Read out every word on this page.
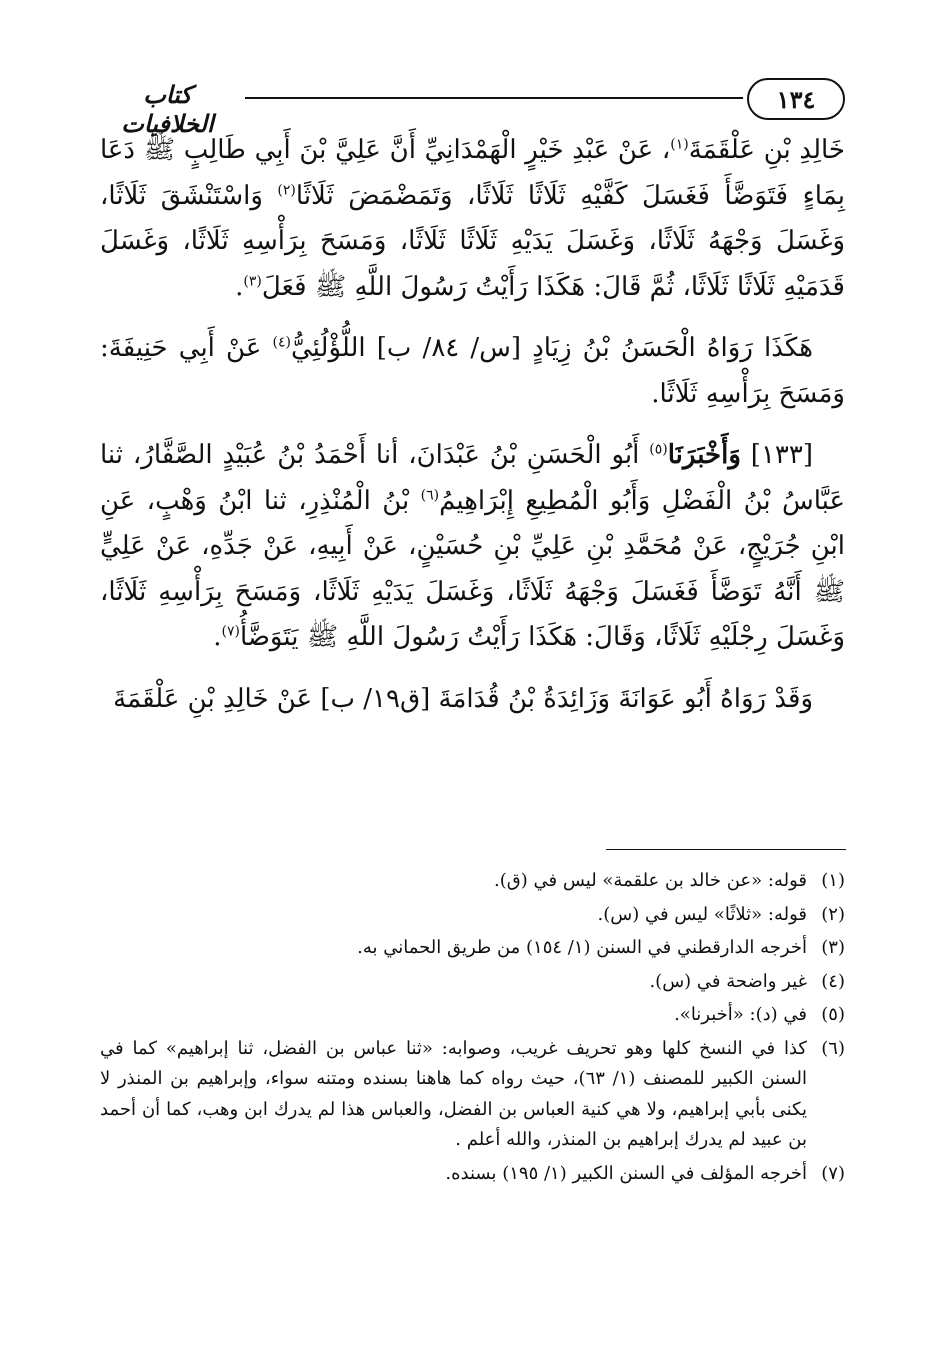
١٣٤
كتاب الخلافيات

خَالِدِ بْنِ عَلْقَمَةَ$^{(١)}$، عَنْ عَبْدِ خَيْرٍ الْهَمْدَانِيِّ أَنَّ عَلِيَّ بْنَ أَبِي طَالِبٍ ﷺ دَعَا بِمَاءٍ فَتَوَضَّأَ فَغَسَلَ كَفَّيْهِ ثَلَاثًا ثَلَاثًا، وَتَمَضْمَضَ ثَلَاثًا$^{(٢)}$ وَاسْتَنْشَقَ ثَلَاثًا، وَغَسَلَ وَجْهَهُ ثَلَاثًا، وَغَسَلَ يَدَيْهِ ثَلَاثًا ثَلَاثًا، وَمَسَحَ بِرَأْسِهِ ثَلَاثًا، وَغَسَلَ قَدَمَيْهِ ثَلَاثًا ثَلَاثًا، ثُمَّ قَالَ: هَكَذَا رَأَيْتُ رَسُولَ اللَّهِ ﷺ فَعَلَ$^{(٣)}$.

هَكَذَا رَوَاهُ الْحَسَنُ بْنُ زِيَادٍ [س/ ٨٤/ ب] اللُّؤْلُئِيُّ$^{(٤)}$ عَنْ أَبِي حَنِيفَةَ: وَمَسَحَ بِرَأْسِهِ ثَلَاثًا.

[١٣٣] وَأَخْبَرَنَا$^{(٥)}$ أَبُو الْحَسَنِ بْنُ عَبْدَانَ، أنا أَحْمَدُ بْنُ عُبَيْدٍ الصَّفَّارُ، ثنا عَبَّاسُ بْنُ الْفَضْلِ وَأَبُو الْمُطِيعِ إِبْرَاهِيمُ$^{(٦)}$ بْنُ الْمُنْذِرِ، ثنا ابْنُ وَهْبٍ، عَنِ ابْنِ جُرَيْجٍ، عَنْ مُحَمَّدِ بْنِ عَلِيِّ بْنِ حُسَيْنٍ، عَنْ أَبِيهِ، عَنْ جَدِّهِ، عَنْ عَلِيٍّ ﷺ أَنَّهُ تَوَضَّأَ فَغَسَلَ وَجْهَهُ ثَلَاثًا، وَغَسَلَ يَدَيْهِ ثَلَاثًا، وَمَسَحَ بِرَأْسِهِ ثَلَاثًا، وَغَسَلَ رِجْلَيْهِ ثَلَاثًا، وَقَالَ: هَكَذَا رَأَيْتُ رَسُولَ اللَّهِ ﷺ يَتَوَضَّأُ$^{(٧)}$.

وَقَدْ رَوَاهُ أَبُو عَوَانَةَ وَزَائِدَةُ بْنُ قُدَامَةَ [ق١٩/ ب] عَنْ خَالِدِ بْنِ عَلْقَمَةَ

(١)
قوله: «عن خالد بن علقمة» ليس في (ق).
(٢)
قوله: «ثلاثًا» ليس في (س).
(٣)
أخرجه الدارقطني في السنن (١/ ١٥٤) من طريق الحماني به.
(٤)
غير واضحة في (س).
(٥)
في (د): «أخبرنا».
(٦)
كذا في النسخ كلها وهو تحريف غريب، وصوابه: «ثنا عباس بن الفضل، ثنا إبراهيم» كما في السنن الكبير للمصنف (١/ ٦٣)، حيث رواه كما هاهنا بسنده ومتنه سواء، وإبراهيم بن المنذر لا يكنى بأبي إبراهيم، ولا هي كنية العباس بن الفضل، والعباس هذا لم يدرك ابن وهب، كما أن أحمد بن عبيد لم يدرك إبراهيم بن المنذر، والله أعلم .
(٧)
أخرجه المؤلف في السنن الكبير (١/ ١٩٥) بسنده.
